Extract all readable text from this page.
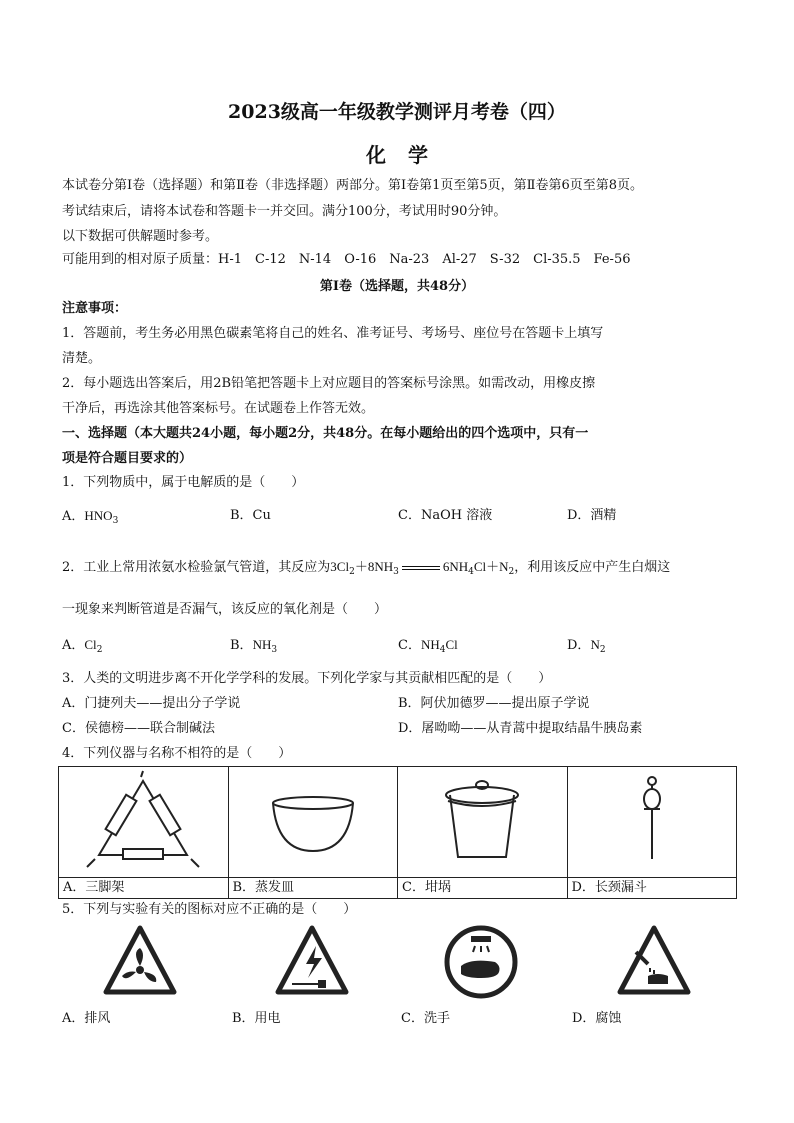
2023级高一年级教学测评月考卷（四）
化学
本试卷分第Ⅰ卷（选择题）和第Ⅱ卷（非选择题）两部分。第Ⅰ卷第1页至第5页，第Ⅱ卷第6页至第8页。
考试结束后，请将本试卷和答题卡一并交回。满分100分，考试用时90分钟。
以下数据可供解题时参考。
可能用到的相对原子质量：H-1　C-12　N-14　O-16　Na-23　Al-27　S-32　Cl-35.5　Fe-56
第Ⅰ卷（选择题，共48分）
注意事项：
1．答题前，考生务必用黑色碳素笔将自己的姓名、准考证号、考场号、座位号在答题卡上填写
清楚。
2．每小题选出答案后，用2B铅笔把答题卡上对应题目的答案标号涂黑。如需改动，用橡皮擦
干净后，再选涂其他答案标号。在试题卷上作答无效。
一、选择题（本大题共24小题，每小题2分，共48分。在每小题给出的四个选项中，只有一
项是符合题目要求的）
1．下列物质中，属于电解质的是（　　）
A．$HNO_3$	B．Cu	C．NaOH 溶液	D．酒精
2．工业上常用浓氨水检验氯气管道，其反应为$3Cl_2+8NH_3$	$6NH_4Cl+N_2$，利用该反应中产生白烟这
一现象来判断管道是否漏气，该反应的氧化剂是（　　）
A．$Cl_2$	B．$NH_3$	C．$NH_4Cl$	D．$N_2$
3．人类的文明进步离不开化学学科的发展。下列化学家与其贡献相匹配的是（　　）
A．门捷列夫——提出分子学说	B．阿伏加德罗——提出原子学说
C．侯德榜——联合制碱法	D．屠呦呦——从青蒿中提取结晶牛胰岛素
4．下列仪器与名称不相符的是（　　）

A．三脚架	B．蒸发皿	C．坩埚	D．长颈漏斗
5．下列与实验有关的图标对应不正确的是（　　）
A．排风	B．用电	C．洗手	D．腐蚀
